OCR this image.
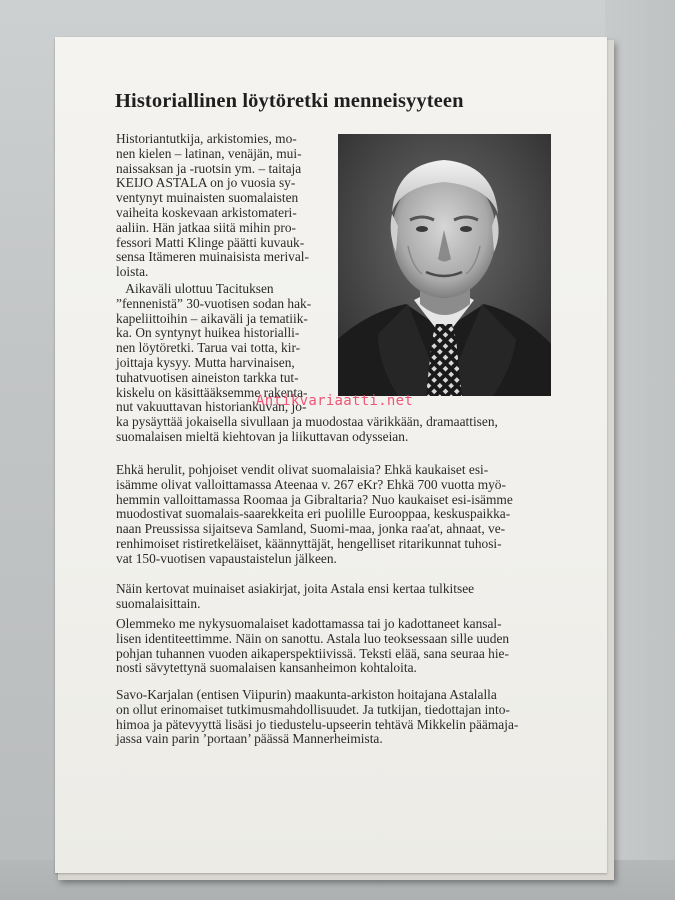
Historiallinen löytöretki menneisyyteen

Historiantutkija, arkistomies, mo-
nen kielen – latinan, venäjän, mui-
naissaksan ja -ruotsin ym. – taitaja
KEIJO ASTALA on jo vuosia sy-
ventynyt muinaisten suomalaisten
vaiheita koskevaan arkistomateri-
aaliin. Hän jatkaa siitä mihin pro-
fessori Matti Klinge päätti kuvauk-
sensa Itämeren muinaisista merival-
loista.

Aikaväli ulottuu Tacituksen
”fennenistä” 30-vuotisen sodan hak-
kapeliittoihin – aikaväli ja tematiik-
ka. On syntynyt huikea historialli-
nen löytöretki. Tarua vai totta, kir-
joittaja kysyy. Mutta harvinaisen,
tuhatvuotisen aineiston tarkka tut-
kiskelu on käsittääksemme rakenta-
nut vakuuttavan historiankuvan, jo-

ka pysäyttää jokaisella sivullaan ja muodostaa värikkään, dramaattisen,
suomalaisen mieltä kiehtovan ja liikuttavan odysseian.

Ehkä herulit, pohjoiset vendit olivat suomalaisia? Ehkä kaukaiset esi-
isämme olivat valloittamassa Ateenaa v. 267 eKr? Ehkä 700 vuotta myö-
hemmin valloittamassa Roomaa ja Gibraltaria? Nuo kaukaiset esi-isämme
muodostivat suomalais-saarekkeita eri puolille Eurooppaa, keskuspaikka-
naan Preussissa sijaitseva Samland, Suomi-maa, jonka raa'at, ahnaat, ve-
renhimoiset ristiretkeläiset, käännyttäjät, hengelliset ritarikunnat tuhosi-
vat 150-vuotisen vapaustaistelun jälkeen.

Näin kertovat muinaiset asiakirjat, joita Astala ensi kertaa tulkitsee
suomalaisittain.

Olemmeko me nykysuomalaiset kadottamassa tai jo kadottaneet kansal-
lisen identiteettimme. Näin on sanottu. Astala luo teoksessaan sille uuden
pohjan tuhannen vuoden aikaperspektiivissä. Teksti elää, sana seuraa hie-
nosti sävytettynä suomalaisen kansanheimon kohtaloita.

Savo-Karjalan (entisen Viipurin) maakunta-arkiston hoitajana Astalalla
on ollut erinomaiset tutkimusmahdollisuudet. Ja tutkijan, tiedottajan into-
himoa ja pätevyyttä lisäsi jo tiedustelu-upseerin tehtävä Mikkelin päämaja-
jassa vain parin ’portaan’ päässä Mannerheimista.

Antikvariaatti.net
